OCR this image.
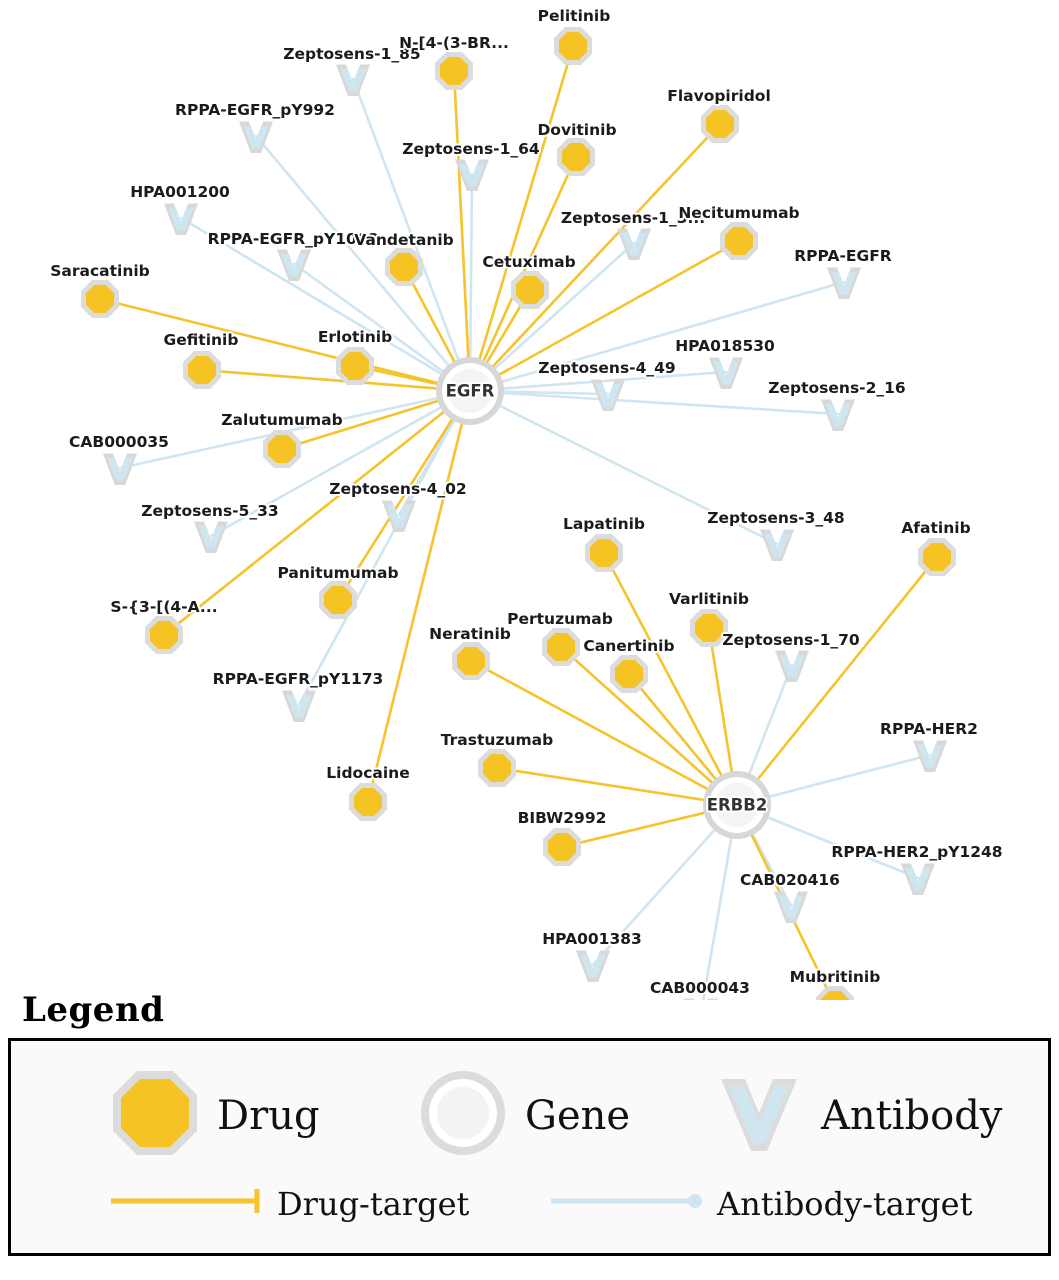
Zeptosens-1_85
RPPA-EGFR_pY992
Zeptosens-1_64
HPA001200
Zeptosens-1_3...
RPPA-EGFR_pY1068
RPPA-EGFR
HPA018530
Zeptosens-4_49
Zeptosens-2_16
CAB000035
Zeptosens-4_02
Zeptosens-5_33	Zeptosens-3_48
Zeptosens-1_70
RPPA-EGFR_pY1173
RPPA-HER2
RPPA-HER2_pY1248
CAB020416
HPA001383
CAB000043
Pelitinib
N-[4-(3-BR...
Flavopiridol
Dovitinib
Necitumumab
Vandetanib
Cetuximab
Saracatinib
Gefitinib	Erlotinib
Zalutumumab
Lapatinib	Afatinib
Panitumumab
Varlitinib
S-{3-[(4-A...
Pertuzumab
Neratinib
Canertinib
Trastuzumab
Lidocaine
BIBW2992
Mubritinib
EGFR
ERBB2
Legend
Drug	Gene	Antibody
Drug-target	Antibody-target
